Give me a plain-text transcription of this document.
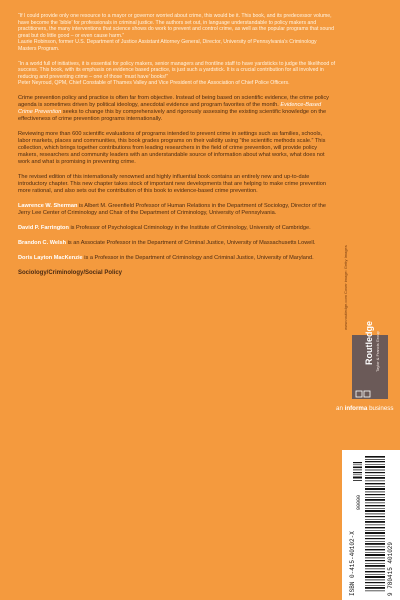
“If I could provide only one resource to a mayor or governor worried about crime, this would be it. This book, and its predecessor volume, have become the ‘bible’ for professionals in criminal justice. The authors set out, in language understandable to policy makers and practitioners, the many interventions that science shows do work to prevent and control crime, as well as the popular programs that sound great but do little good – or even cause harm.”
Laurie Robinson, former U.S. Department of Justice Assistant Attorney General, Director, University of Pennsylvania’s Criminology Masters Program.

“In a world full of initiatives, it is essential for policy makers, senior managers and frontline staff to have yardsticks to judge the likelihood of success. This book, with its emphasis on evidence based practice, is just such a yardstick. It is a crucial contribution for all involved in reducing and preventing crime – one of those ‘must have’ books!”
Peter Neyroud, QPM, Chief Constable of Thames Valley and Vice President of the Association of Chief Police Officers.

Crime prevention policy and practice is often far from objective. Instead of being based on scientific evidence, the crime policy agenda is sometimes driven by political ideology, anecdotal evidence and program favorites of the month. Evidence-Based Crime Prevention seeks to change this by comprehensively and rigorously assessing the existing scientific knowledge on the effectiveness of crime prevention programs internationally.

Reviewing more than 600 scientific evaluations of programs intended to prevent crime in settings such as families, schools, labor markets, places and communities, this book grades programs on their validity using “the scientific methods scale.” This collection, which brings together contributions from leading researchers in the field of crime prevention, will provide policy makers, researchers and community leaders with an understandable source of information about what works, what does not work and what is promising in preventing crime.

The revised edition of this internationally renowned and highly influential book contains an entirely new and up-to-date introductory chapter. This new chapter takes stock of important new developments that are helping to make crime prevention more rational, and also sets out the contribution of this book to evidence-based crime prevention.

Lawrence W. Sherman is Albert M. Greenfield Professor of Human Relations in the Department of Sociology, Director of the Jerry Lee Center of Criminology and Chair of the Department of Criminology, University of Pennsylvania.

David P. Farrington is Professor of Psychological Criminology in the Institute of Criminology, University of Cambridge.

Brandon C. Welsh is an Associate Professor in the Department of Criminal Justice, University of Massachusetts Lowell.

Doris Layton MacKenzie is a Professor in the Department of Criminology and Criminal Justice, University of Maryland.

Sociology/Criminology/Social Policy	www.routledge.com Cover image: Getty Images
Routledge Taylor & Francis Group
an informa business
ISBN 0-415-40102-X
90000
9 780415 401029
